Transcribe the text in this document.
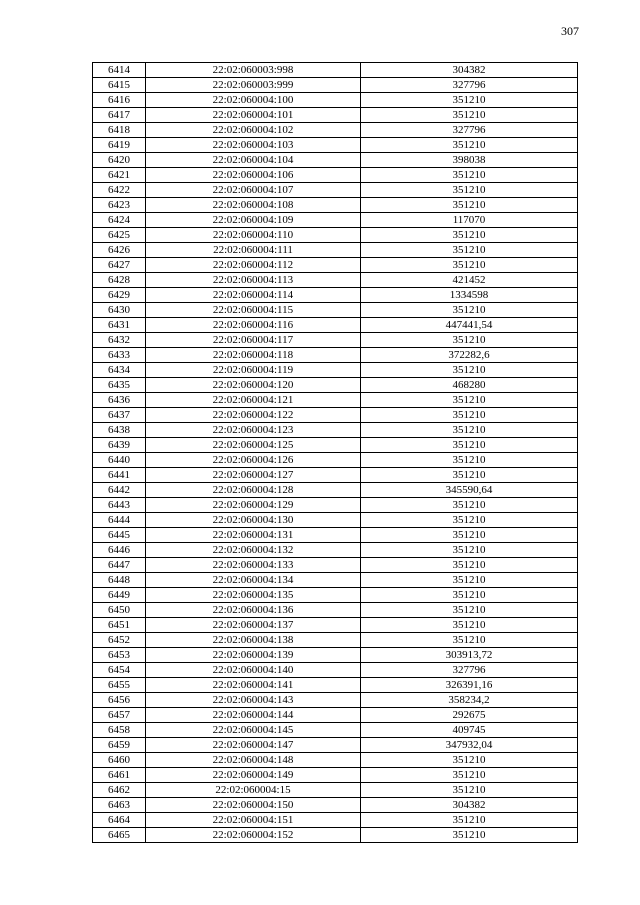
307
6414	22:02:060003:998	304382
6415	22:02:060003:999	327796
6416	22:02:060004:100	351210
6417	22:02:060004:101	351210
6418	22:02:060004:102	327796
6419	22:02:060004:103	351210
6420	22:02:060004:104	398038
6421	22:02:060004:106	351210
6422	22:02:060004:107	351210
6423	22:02:060004:108	351210
6424	22:02:060004:109	117070
6425	22:02:060004:110	351210
6426	22:02:060004:111	351210
6427	22:02:060004:112	351210
6428	22:02:060004:113	421452
6429	22:02:060004:114	1334598
6430	22:02:060004:115	351210
6431	22:02:060004:116	447441,54
6432	22:02:060004:117	351210
6433	22:02:060004:118	372282,6
6434	22:02:060004:119	351210
6435	22:02:060004:120	468280
6436	22:02:060004:121	351210
6437	22:02:060004:122	351210
6438	22:02:060004:123	351210
6439	22:02:060004:125	351210
6440	22:02:060004:126	351210
6441	22:02:060004:127	351210
6442	22:02:060004:128	345590,64
6443	22:02:060004:129	351210
6444	22:02:060004:130	351210
6445	22:02:060004:131	351210
6446	22:02:060004:132	351210
6447	22:02:060004:133	351210
6448	22:02:060004:134	351210
6449	22:02:060004:135	351210
6450	22:02:060004:136	351210
6451	22:02:060004:137	351210
6452	22:02:060004:138	351210
6453	22:02:060004:139	303913,72
6454	22:02:060004:140	327796
6455	22:02:060004:141	326391,16
6456	22:02:060004:143	358234,2
6457	22:02:060004:144	292675
6458	22:02:060004:145	409745
6459	22:02:060004:147	347932,04
6460	22:02:060004:148	351210
6461	22:02:060004:149	351210
6462	22:02:060004:15	351210
6463	22:02:060004:150	304382
6464	22:02:060004:151	351210
6465	22:02:060004:152	351210
